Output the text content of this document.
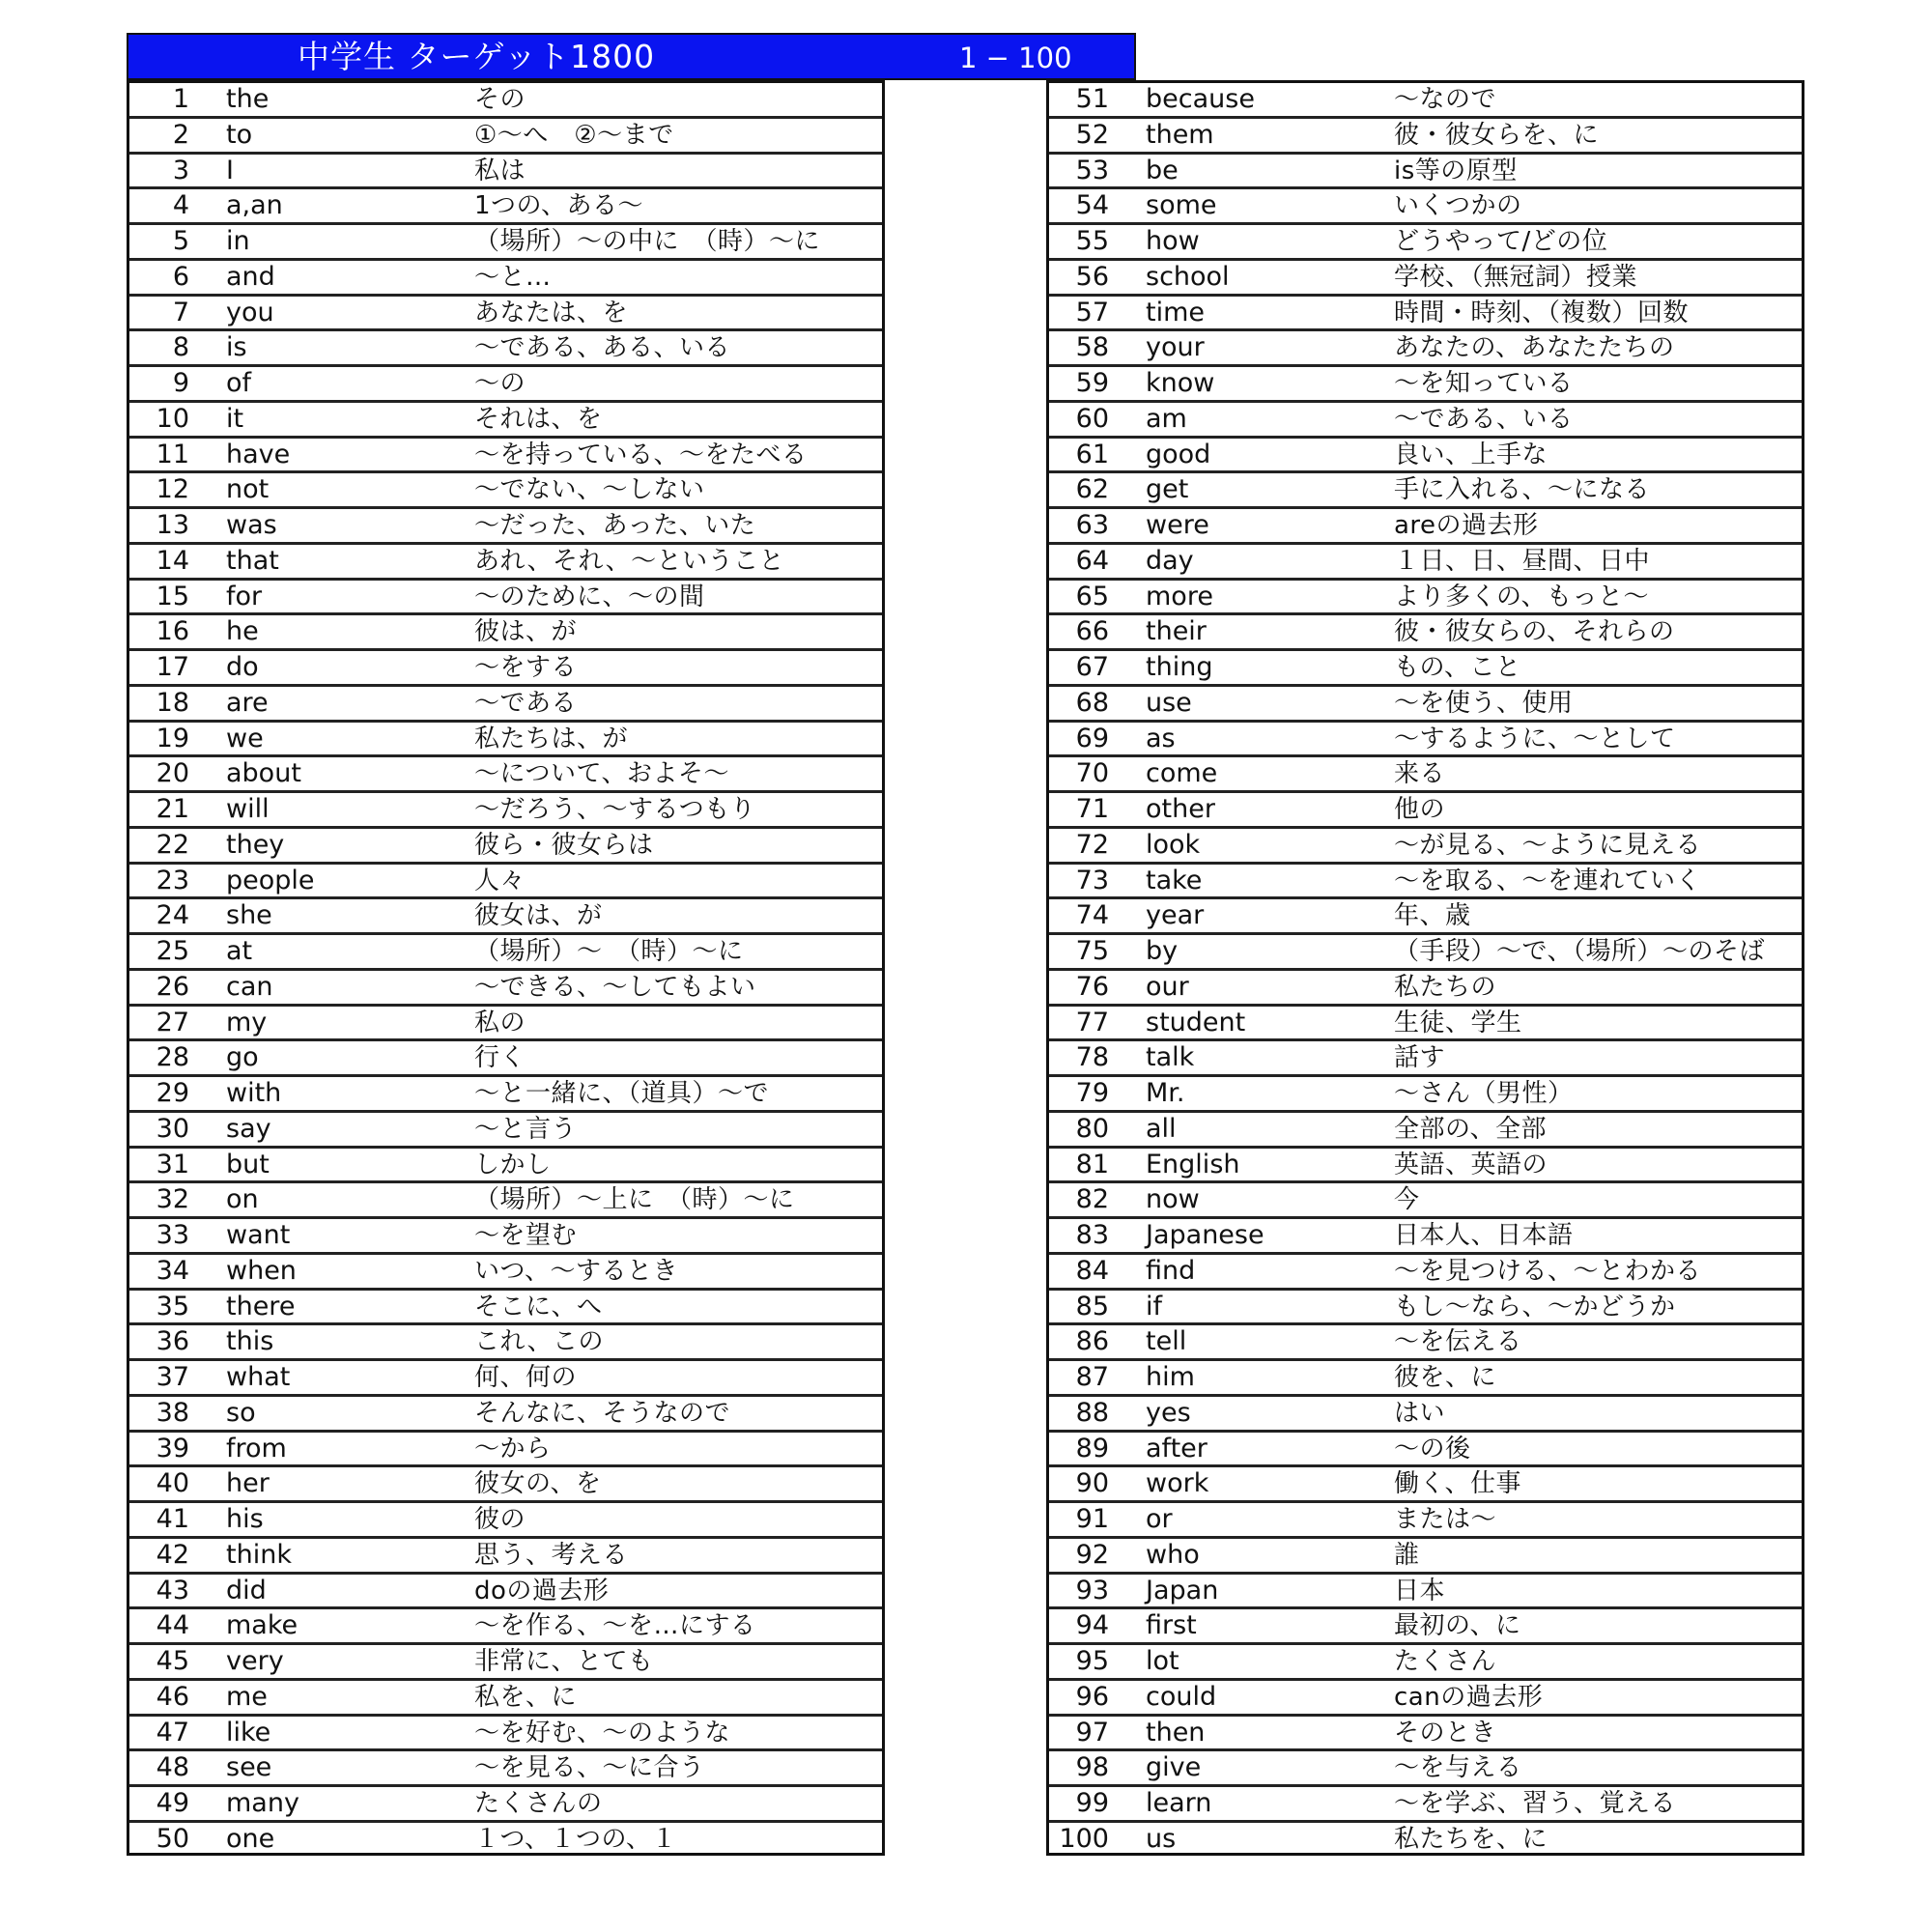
中学生 ターゲット1800	1 − 100
1 the	その
2 to	①～へ　②～まで
3 I	私は
4 a,an	1つの、ある～
5 in	（場所）～の中に　（時）～に
6 and	～と…
7 you	あなたは、を
8 is	～である、ある、いる
9 of	～の
10 it	それは、を
11 have	～を持っている、～をたべる
12 not	～でない、～しない
13 was	～だった、あった、いた
14 that	あれ、それ、～ということ
15 for	～のために、～の間
16 he	彼は、が
17 do	～をする
18 are	～である
19 we	私たちは、が
20 about	～について、およそ～
21 will	～だろう、～するつもり
22 they	彼ら・彼女らは
23 people	人々
24 she	彼女は、が
25 at	（場所）～　（時）～に
26 can	～できる、～してもよい
27 my	私の
28 go	行く
29 with	～と一緒に、（道具）～で
30 say	～と言う
31 but	しかし
32 on	（場所）～上に　（時）～に
33 want	～を望む
34 when	いつ、～するとき
35 there	そこに、へ
36 this	これ、この
37 what	何、何の
38 so	そんなに、そうなので
39 from	～から
40 her	彼女の、を
41 his	彼の
42 think	思う、考える
43 did	doの過去形
44 make	～を作る、～を…にする
45 very	非常に、とても
46 me	私を、に
47 like	～を好む、～のような
48 see	～を見る、～に合う
49 many	たくさんの
50 one	１つ、１つの、１
51 because	～なので
52 them	彼・彼女らを、に
53 be	is等の原型
54 some	いくつかの
55 how	どうやって/どの位
56 school	学校、（無冠詞）授業
57 time	時間・時刻、（複数）回数
58 your	あなたの、あなたたちの
59 know	～を知っている
60 am	～である、いる
61 good	良い、上手な
62 get	手に入れる、～になる
63 were	areの過去形
64 day	１日、日、昼間、日中
65 more	より多くの、もっと～
66 their	彼・彼女らの、それらの
67 thing	もの、こと
68 use	～を使う、使用
69 as	～するように、～として
70 come	来る
71 other	他の
72 look	～が見る、～ように見える
73 take	～を取る、～を連れていく
74 year	年、歳
75 by	（手段）～で、（場所）～のそば
76 our	私たちの
77 student	生徒、学生
78 talk	話す
79 Mr.	～さん（男性）
80 all	全部の、全部
81 English	英語、英語の
82 now	今
83 Japanese	日本人、日本語
84 find	～を見つける、～とわかる
85 if	もし～なら、～かどうか
86 tell	～を伝える
87 him	彼を、に
88 yes	はい
89 after	～の後
90 work	働く、仕事
91 or	または～
92 who	誰
93 Japan	日本
94 first	最初の、に
95 lot	たくさん
96 could	canの過去形
97 then	そのとき
98 give	～を与える
99 learn	～を学ぶ、習う、覚える
100 us	私たちを、に
